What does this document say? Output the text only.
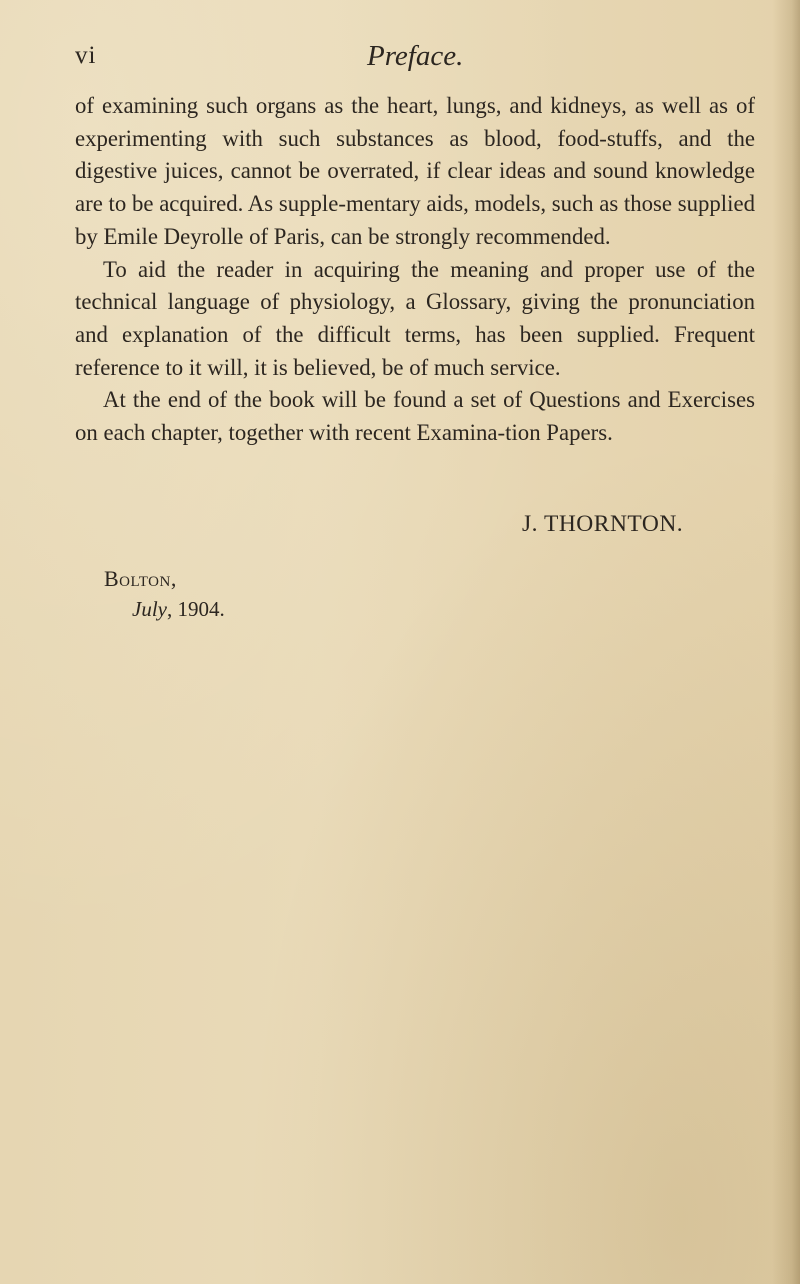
vi	Preface.

of examining such organs as the heart, lungs, and kidneys, as well as of experimenting with such substances as blood, food-stuffs, and the digestive juices, cannot be overrated, if clear ideas and sound knowledge are to be acquired. As supple-mentary aids, models, such as those supplied by Emile Deyrolle of Paris, can be strongly recommended.

To aid the reader in acquiring the meaning and proper use of the technical language of physiology, a Glossary, giving the pronunciation and explanation of the difficult terms, has been supplied. Frequent reference to it will, it is believed, be of much service.

At the end of the book will be found a set of Questions and Exercises on each chapter, together with recent Examina-tion Papers.

J. THORNTON.
Bolton,
July, 1904.
